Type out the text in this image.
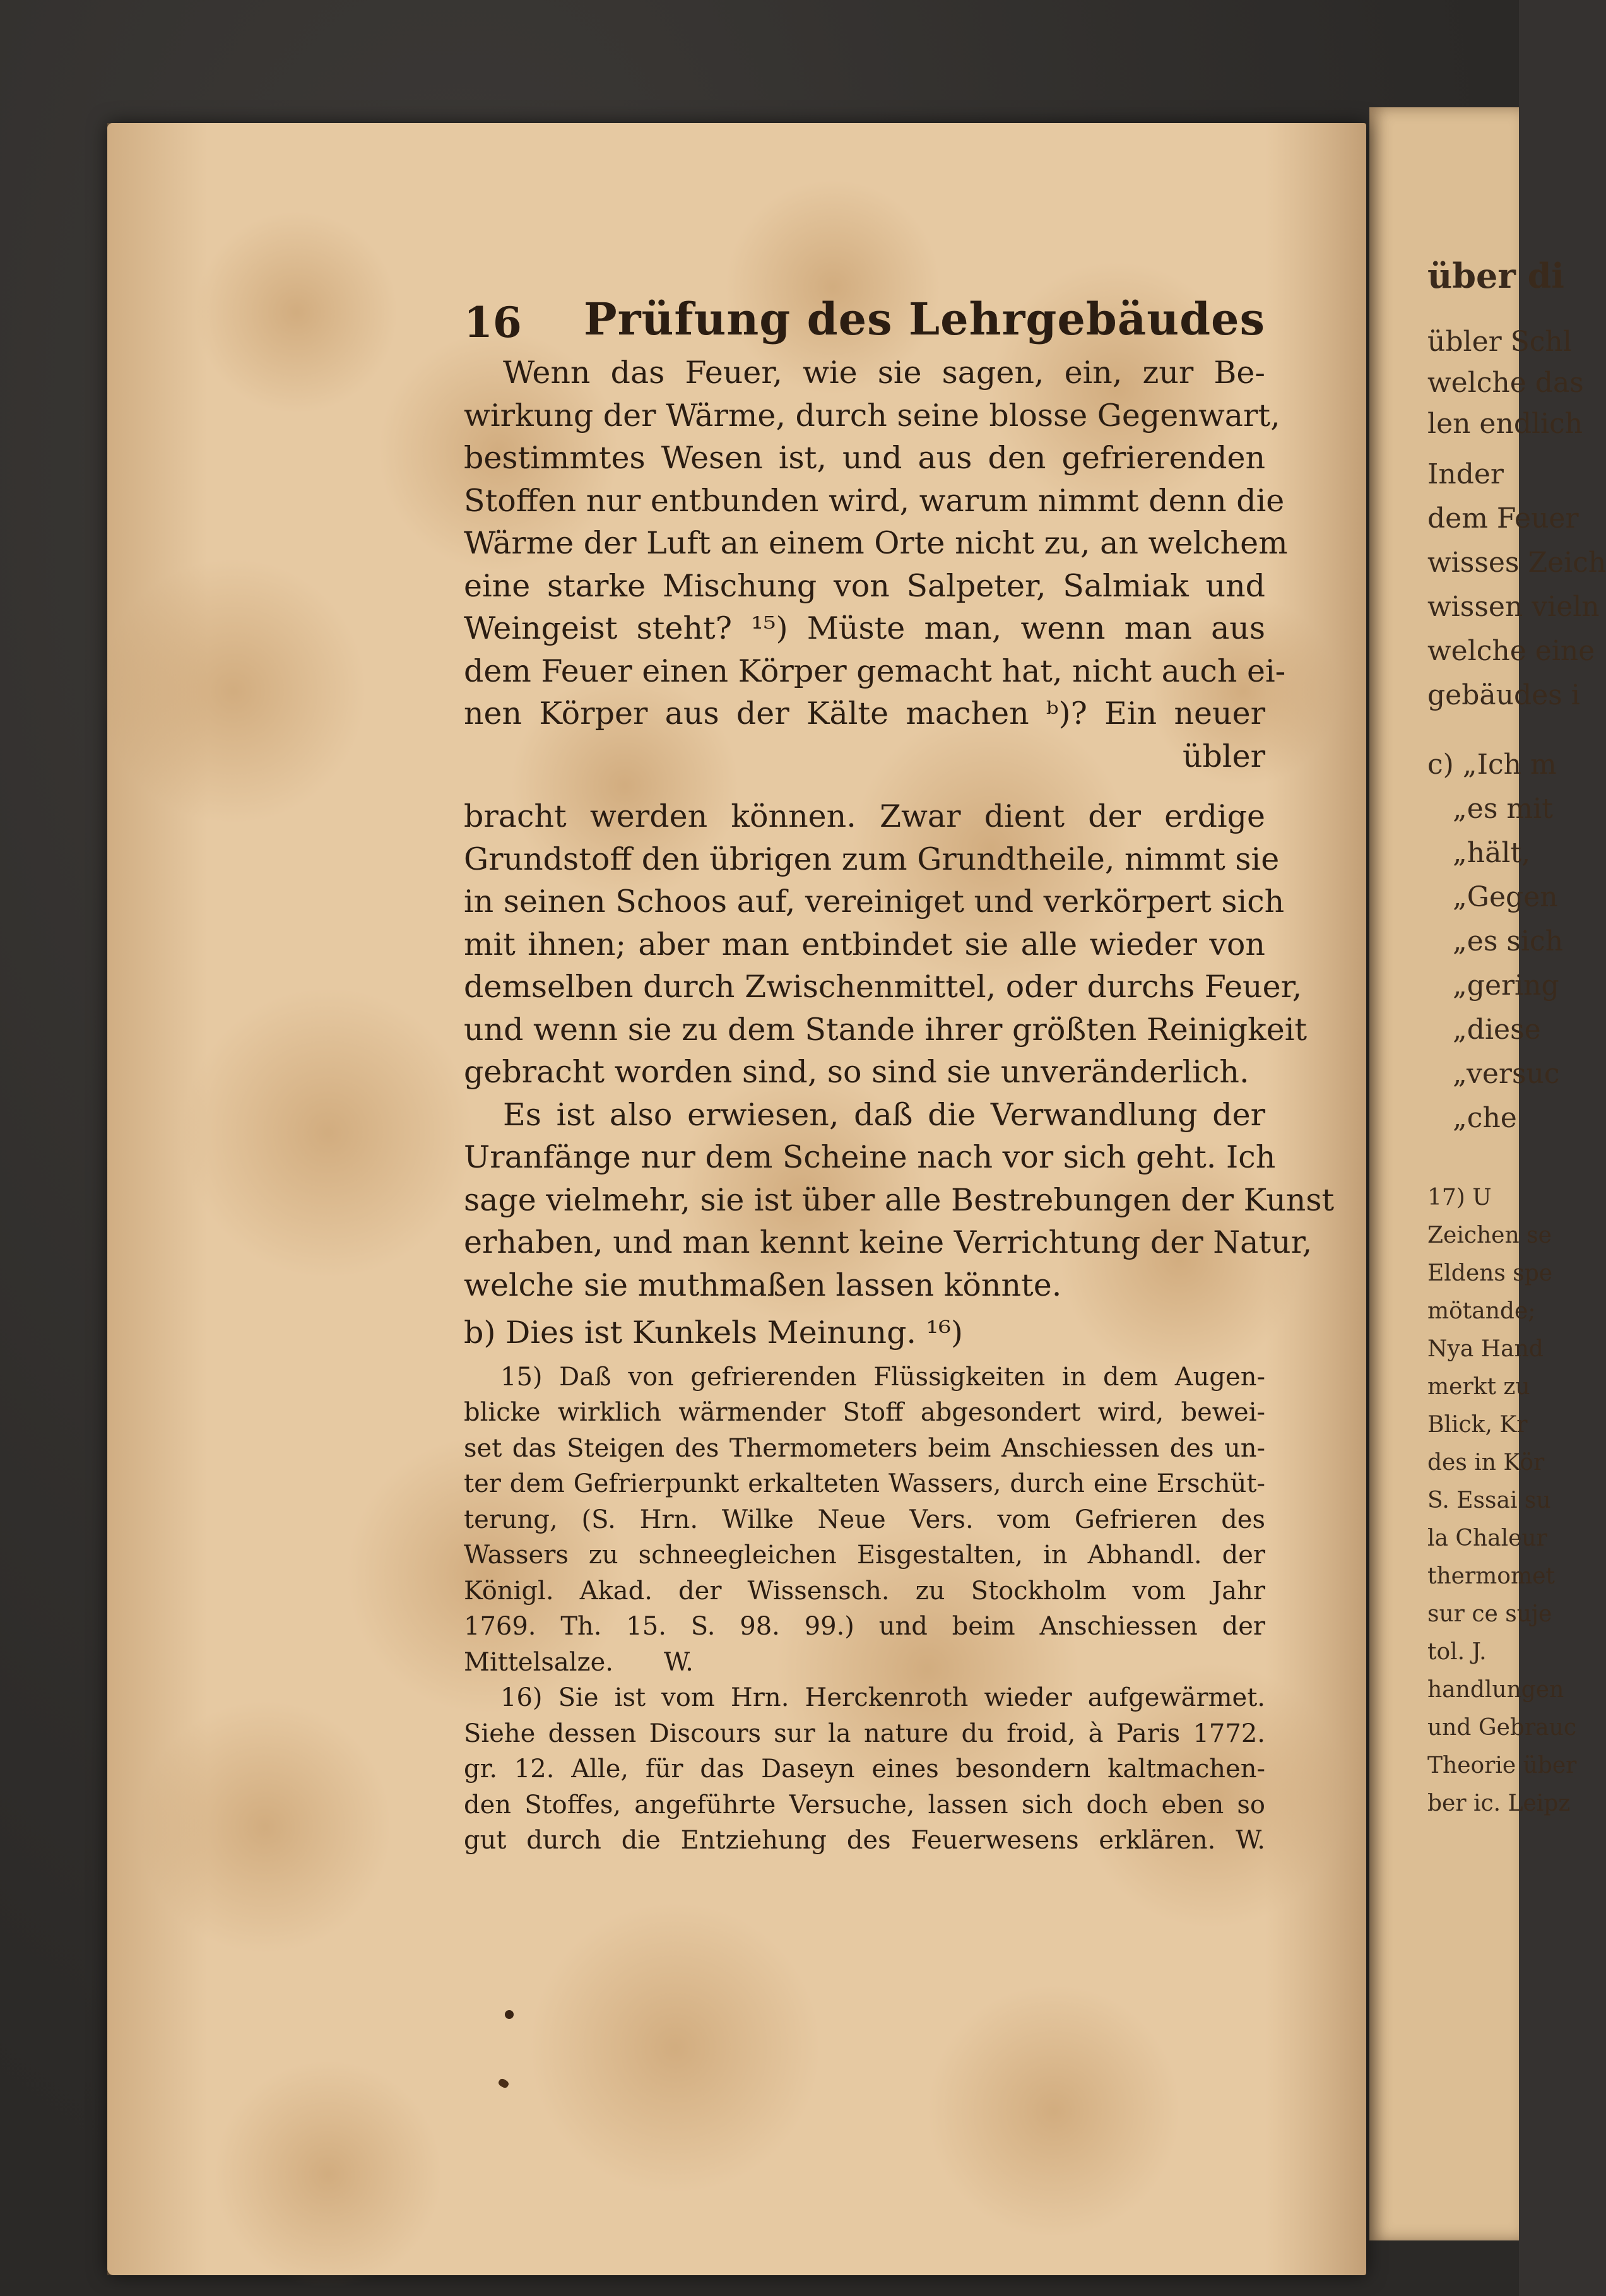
über di
übler Schl
welche das
len endlich
Inder
dem Feuer
wisses Zeich
wissen vieln
welche eine
gebäudes i
c) „Ich m
„es mit
„hält,
„Gegen
„es sich
„gering
„diese
„versuc
„che
17) U
Zeichen se
Eldens spe
mötande;
Nya Hand
merkt zu
Blick, Kr
des in Kör
S. Essai su
la Chaleur
thermomet
sur ce suje
tol. J.
handlungen
und Gebrauc
Theorie über
ber ic. Leipz
16 Prüfung des Lehrgebäudes
Wenn das Feuer, wie sie sagen, ein, zur Be-
wirkung der Wärme, durch seine blosse Gegenwart,
bestimmtes Wesen ist, und aus den gefrierenden
Stoffen nur entbunden wird, warum nimmt denn die
Wärme der Luft an einem Orte nicht zu, an welchem
eine starke Mischung von Salpeter, Salmiak und
Weingeist steht? ¹⁵) Müste man, wenn man aus
dem Feuer einen Körper gemacht hat, nicht auch ei-
nen Körper aus der Kälte machen ᵇ)? Ein neuer
übler
bracht werden können. Zwar dient der erdige
Grundstoff den übrigen zum Grundtheile, nimmt sie
in seinen Schoos auf, vereiniget und verkörpert sich
mit ihnen; aber man entbindet sie alle wieder von
demselben durch Zwischenmittel, oder durchs Feuer,
und wenn sie zu dem Stande ihrer größten Reinigkeit
gebracht worden sind, so sind sie unveränderlich.
Es ist also erwiesen, daß die Verwandlung der
Uranfänge nur dem Scheine nach vor sich geht. Ich
sage vielmehr, sie ist über alle Bestrebungen der Kunst
erhaben, und man kennt keine Verrichtung der Natur,
welche sie muthmaßen lassen könnte.
b) Dies ist Kunkels Meinung. ¹⁶)
15) Daß von gefrierenden Flüssigkeiten in dem Augen-
blicke wirklich wärmender Stoff abgesondert wird, bewei-
set das Steigen des Thermometers beim Anschiessen des un-
ter dem Gefrierpunkt erkalteten Wassers, durch eine Erschüt-
terung, (S. Hrn. Wilke Neue Vers. vom Gefrieren des
Wassers zu schneegleichen Eisgestalten, in Abhandl. der
Königl. Akad. der Wissensch. zu Stockholm vom Jahr
1769. Th. 15. S. 98. 99.) und beim Anschiessen der
Mittelsalze. W.
16) Sie ist vom Hrn. Herckenroth wieder aufgewärmet.
Siehe dessen Discours sur la nature du froid, à Paris 1772.
gr. 12. Alle, für das Daseyn eines besondern kaltmachen-
den Stoffes, angeführte Versuche, lassen sich doch eben so
gut durch die Entziehung des Feuerwesens erklären. W.
